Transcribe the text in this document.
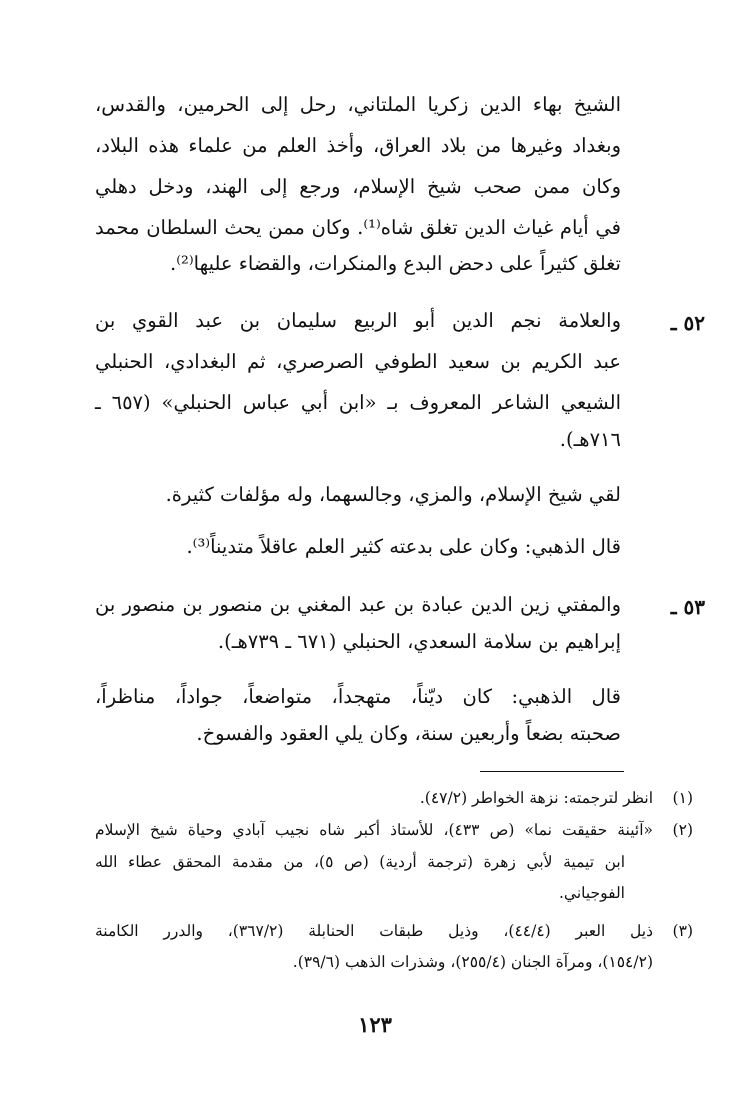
الشيخ بهاء الدين زكريا الملتاني، رحل إلى الحرمين، والقدس،
وبغداد وغيرها من بلاد العراق، وأخذ العلم من علماء هذه البلاد،
وكان ممن صحب شيخ الإسلام، ورجع إلى الهند، ودخل دهلي
في أيام غياث الدين تغلق شاه⁽¹⁾. وكان ممن يحث السلطان محمد
تغلق كثيراً على دحض البدع والمنكرات، والقضاء عليها⁽²⁾.
٥٢ ـ
والعلامة نجم الدين أبو الربيع سليمان بن عبد القوي بن
عبد الكريم بن سعيد الطوفي الصرصري، ثم البغدادي، الحنبلي
الشيعي الشاعر المعروف بـ «ابن أبي عباس الحنبلي» (٦٥٧ ـ
٧١٦هـ).
لقي شيخ الإسلام، والمزي، وجالسهما، وله مؤلفات كثيرة.
قال الذهبي: وكان على بدعته كثير العلم عاقلاً متديناً⁽³⁾.
٥٣ ـ
والمفتي زين الدين عبادة بن عبد المغني بن منصور بن منصور بن
إبراهيم بن سلامة السعدي، الحنبلي (٦٧١ ـ ٧٣٩هـ).
قال الذهبي: كان ديّناً، متهجداً، متواضعاً، جواداً، مناظراً،
صحبته بضعاً وأربعين سنة، وكان يلي العقود والفسوخ.
(١)
انظر لترجمته: نزهة الخواطر (٤٧/٢).
(٢)
«آئينة حقيقت نما» (ص ٤٣٣)، للأستاذ أكبر شاه نجيب آبادي وحياة شيخ الإسلام
ابن تيمية لأبي زهرة (ترجمة أردية) (ص ٥)، من مقدمة المحقق عطاء الله
الفوجياني.
(٣)
ذيل العبر (٤٤/٤)، وذيل طبقات الحنابلة (٣٦٧/٢)، والدرر الكامنة
(١٥٤/٢)، ومرآة الجنان (٢٥٥/٤)، وشذرات الذهب (٣٩/٦).
١٢٣
